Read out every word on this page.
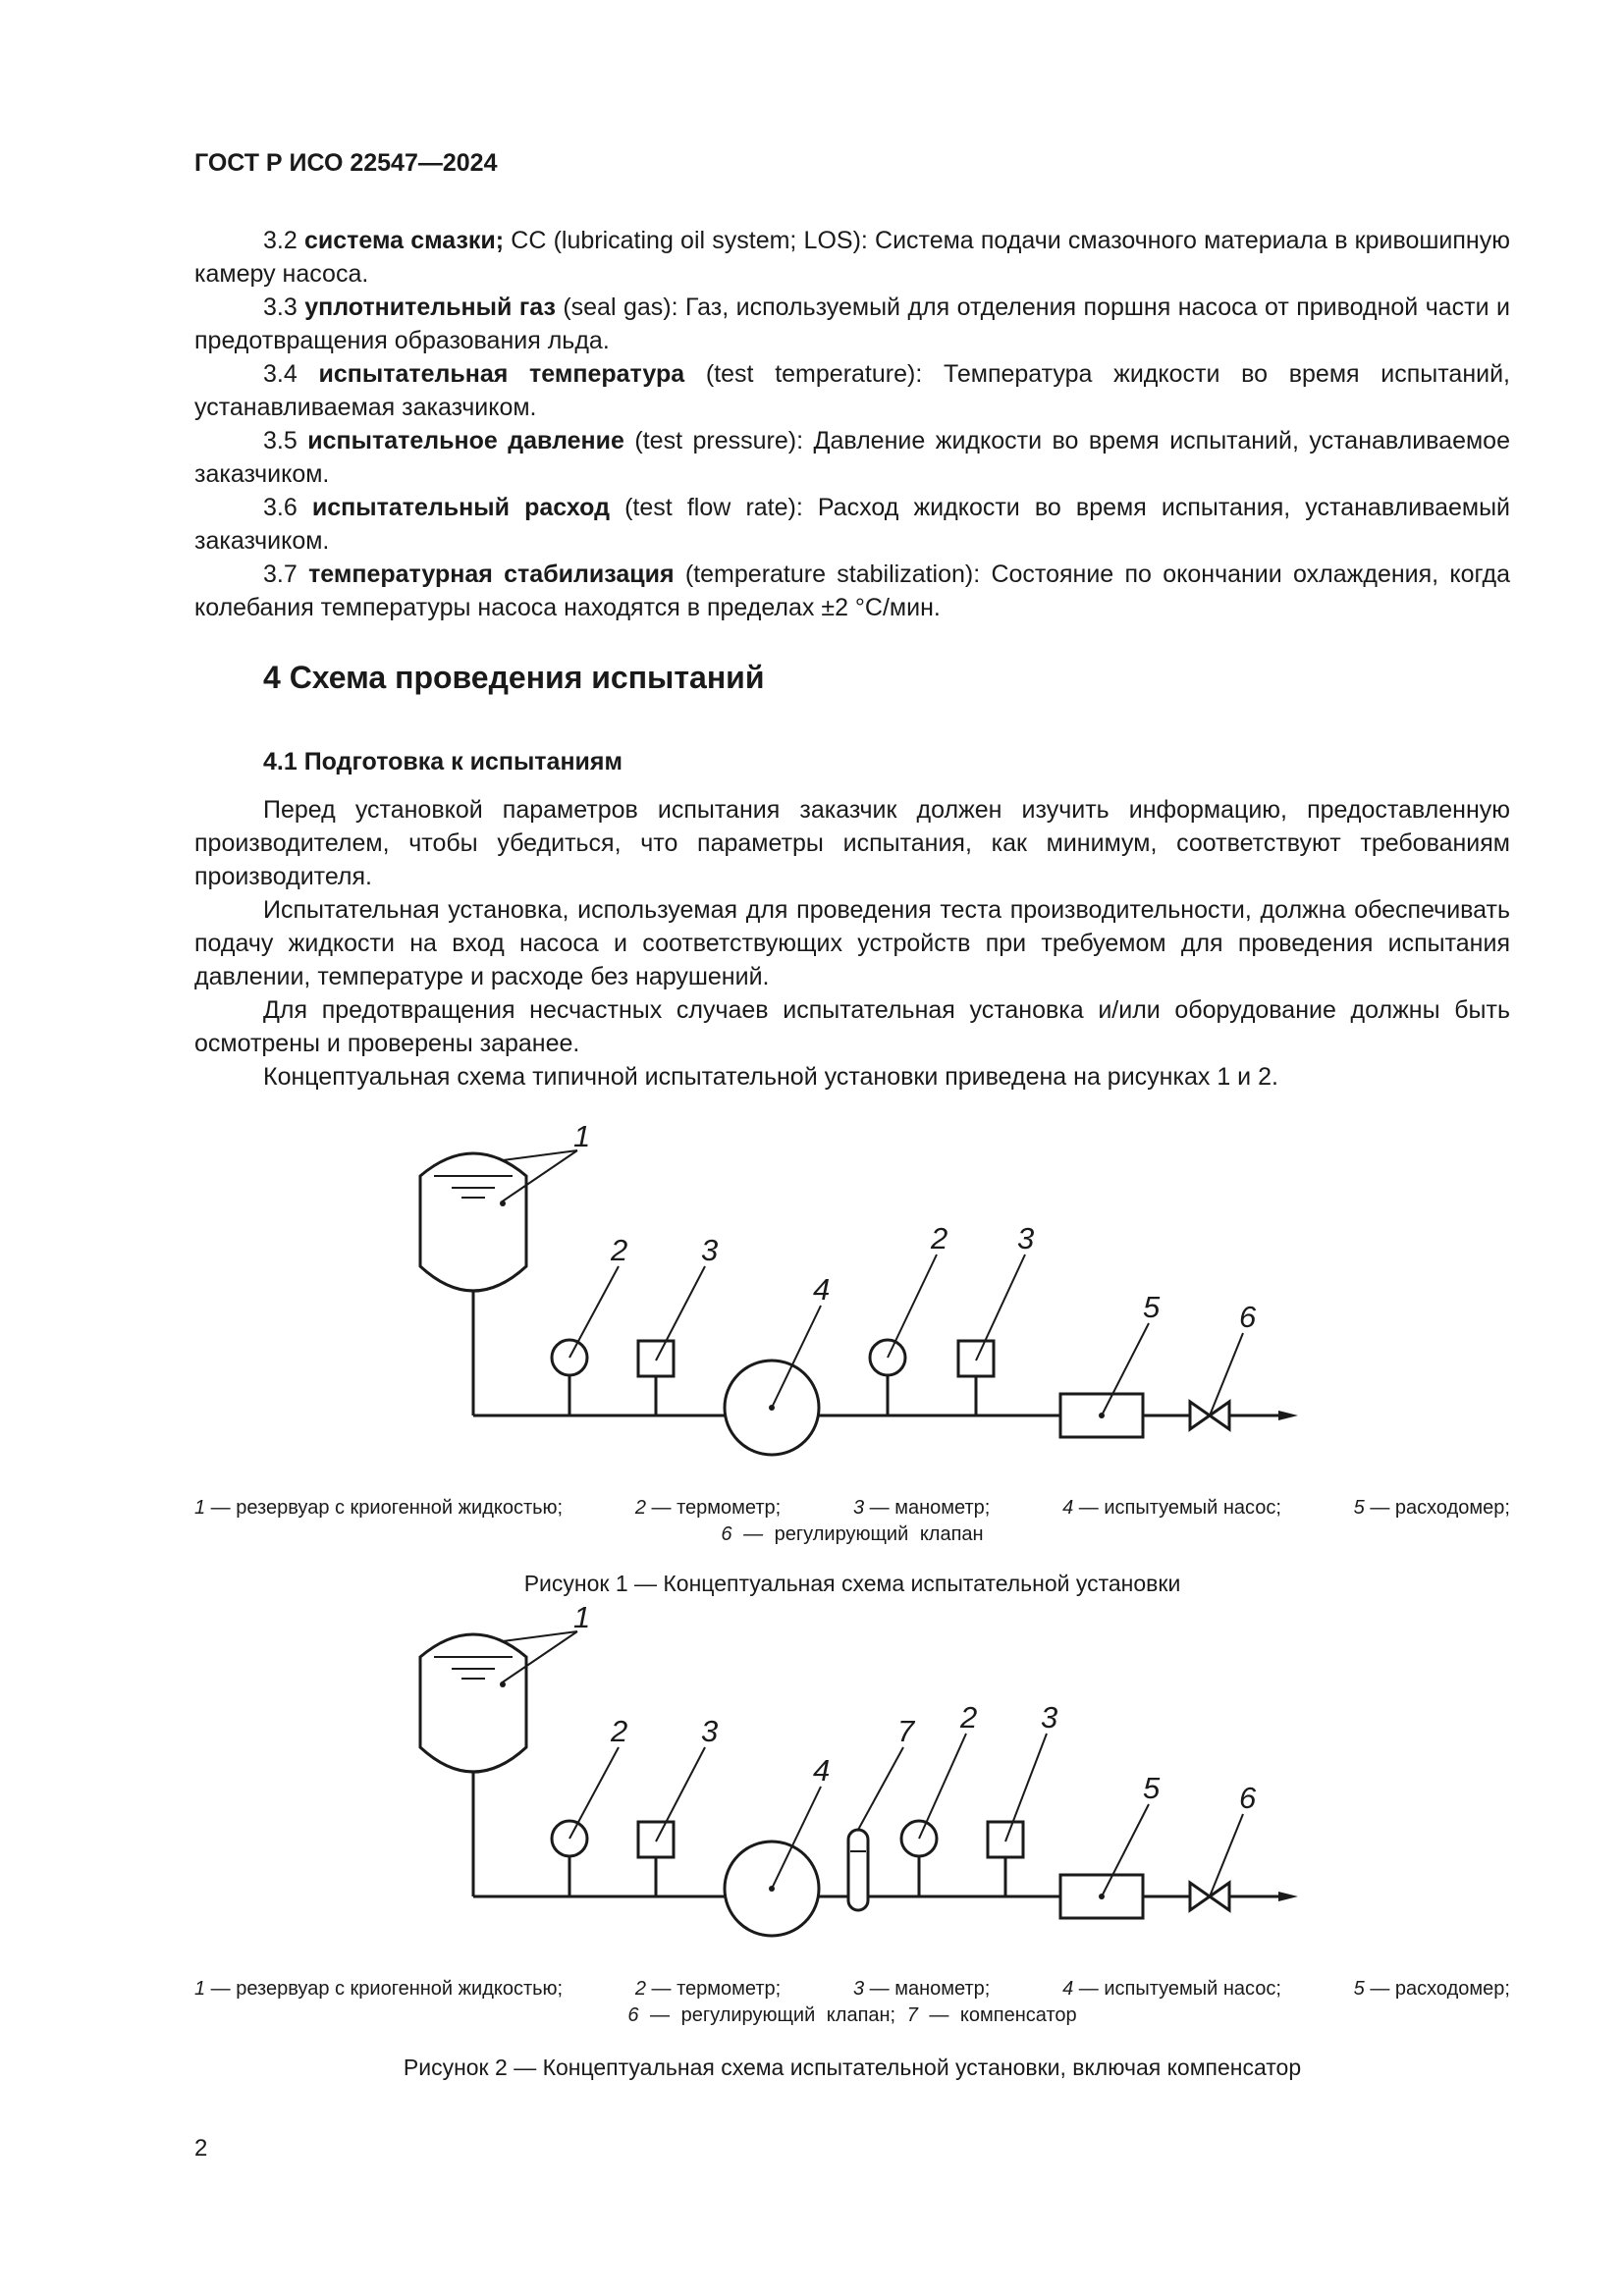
ГОСТ Р ИСО 22547—2024

3.2 система смазки; СС (lubricating oil system; LOS): Система подачи смазочного материала в кривошипную камеру насоса.

3.3 уплотнительный газ (seal gas): Газ, используемый для отделения поршня насоса от приводной части и предотвращения образования льда.

3.4 испытательная температура (test temperature): Температура жидкости во время испытаний, устанавливаемая заказчиком.

3.5 испытательное давление (test pressure): Давление жидкости во время испытаний, устанавливаемое заказчиком.

3.6 испытательный расход (test flow rate): Расход жидкости во время испытания, устанавливаемый заказчиком.

3.7 температурная стабилизация (temperature stabilization): Состояние по окончании охлаждения, когда колебания температуры насоса находятся в пределах ±2 °С/мин.

4 Схема проведения испытаний
4.1 Подготовка к испытаниям

Перед установкой параметров испытания заказчик должен изучить информацию, предоставленную производителем, чтобы убедиться, что параметры испытания, как минимум, соответствуют требованиям производителя.

Испытательная установка, используемая для проведения теста производительности, должна обеспечивать подачу жидкости на вход насоса и соответствующих устройств при требуемом для проведения испытания давлении, температуре и расходе без нарушений.

Для предотвращения несчастных случаев испытательная установка и/или оборудование должны быть осмотрены и проверены заранее.

Концептуальная схема типичной испытательной установки приведена на рисунках 1 и 2.

1
2 3
4
2 3
5	6
1 — резервуар с криогенной жидкостью;	2 — термометр;	3 — манометр;	4 — испытуемый насос;	5 — расходомер;
6 — регулирующий клапан
Рисунок 1 — Концептуальная схема испытательной установки
1
2 3
4
7 2 3
5	6
1 — резервуар с криогенной жидкостью;	2 — термометр;	3 — манометр;	4 — испытуемый насос;	5 — расходомер;
6 — регулирующий клапан; 7 — компенсатор
Рисунок 2 — Концептуальная схема испытательной установки, включая компенсатор
2
